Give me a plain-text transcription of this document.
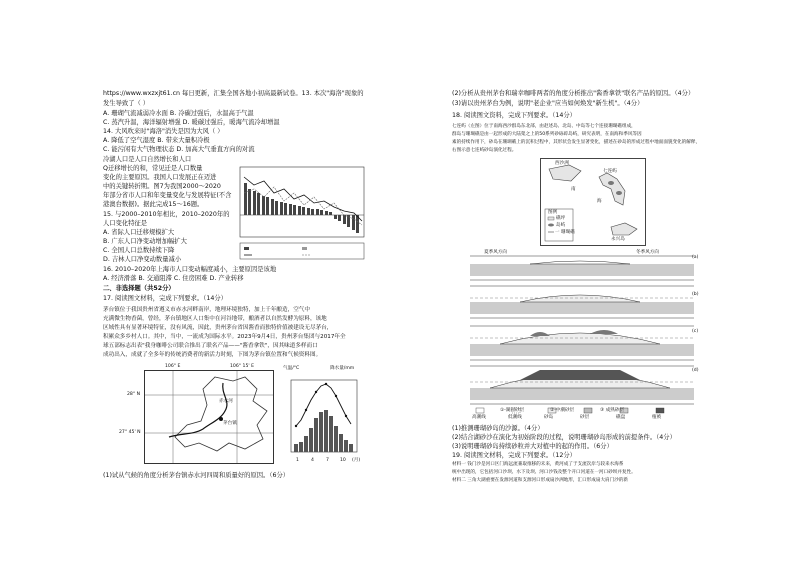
https://www.wxzxjt61.cn 每日更新，汇集全国各地小初高最新试卷。13. 本次"海洛"现象的
发生导致了（ ）
A. 珊瑚气流减弱冷水面 B. 冷碳过强后，水温高于气温
C. 蒸汽升温，海洋辐射增强 D. 暖碳过强后，暖海气流冷却增温
14. 大风吹来时"海洛"消失是因为大风（ ）
A. 降低了空气湿度 B. 带来大量积冷极
C. 能污闲有大气物理状态 D. 加高大气垂直方向的对流
冷湖人口是人口自然增长和人口
Q迁移增长的和，常见迁是人口数量
变化的主要原因。我国人口发展正在迈进
中的关键转折期。图7为我国2000～2020
年部分省市人口和年变量变化与发展特征(不含
港澳台数据)。据此完成15～16题。
15. 与2000–2010年相比，2010–2020年的
人口变化特征是
A. 省际人口迁移规模扩大
B. 广东人口净变动增加幅扩大
C. 全国人口总数持续下降
D. 吉林人口净变动数量减小
16. 2010–2020年上海市人口变动幅度减小，主要原因是该地
A. 经济滑落 B. 交通阻滞 C. 住房困难 D. 产业转移
二、非选择题（共52分）
17. 阅读图文材料，完成下列要求。（14分）
茅台镇位于我国贵州省遵义市赤水河畔南岸，地理环境独特，加上千年酿造，空气中
充满微生物香菌，曾经，茅台镇地区人口集中在河谷地带，酿酒者以自然发酵为原料，该地
区域性具有显著环境特征，没有风流，因此，贵州茅台省因酱香而独特价值被建设无尽茅台，
积累众多乡村人口。其中，当中，一流成为国际水平。2023年9月4日，贵州茅台集团与2017年全
球五部标志出表"我身咖啡公司联合推出了联名产品——"酱香拿铁"，因其味道多样而口
成功出入，成就了全多年的传统消费者的新活力时刻，下图为茅台镇位置和气候资料图。
赤水河
茅台镇
106° E	106° 15' E
28° N
27° 45' N
气温/°C	降水量/mm
1	4	7 10 (月)
(1)试从气候的角度分析茅台镇赤水河四周和质量好的原因。（6分）
(2)分析从贵州茅台和瑞幸咖啡两者的角度分析推出"酱香拿铁"联名产品的原因。（4分）
(3)请以贵州茅台为例，说明"老企业"应当如何焕发"新生机"。（4分）
18. 阅读图文资料，完成下列要求。（14分）
七连屿（左图）位于南海西沙群岛东北部，由赵述岛、北岛、中岛等七个连接珊瑚礁组成，
群岛与珊瑚礁是由一起形成的大陆架之上的50系列砂砾碎岛屿，研究表明，在南海和季风等因
素的持续作用下，砂岛在珊瑚礁上的沉积过程中，其形状会发生显著变化，描述在砂岛的形成过程中地面面貌变化的解释，
右图示意七连屿砂岛演化过程。
西沙洲
七连屿
南
海
永兴岛
图例
礁坪
岛屿
一 珊瑚礁
夏季风方向	冬季风方向
(a)
(b)
(c)
(d)
高潮线	低潮线	砂岛	砂层	礁盘	植被
①-湖间砂层	②-中潮砂层	③ 成熟砂层
(1)推测珊瑚砂岛的沙源。（4分）
(2)结合湖砂沙在演化为初始阶段的过程，说明珊瑚砂岛形成的前提条件。（4分）
(3)说明珊瑚砂岛持续砂粒并大对植中的起的作用。（6分）
19. 阅读图文材料，完成下列要求。（12分）
材料一 钱门沙是河口区门海远流兼取推移的未来，黄河成了于支流次岸与较来水海系
统中出现的，它包括河口沙坝、水下及坝、河口沙钱及整个开口河道在一河口砂坝并复性。
材料二 三角大湖重要在发源河道和支源河口形成扇沙洲地形，汇口形成扇大肩门沙的新
